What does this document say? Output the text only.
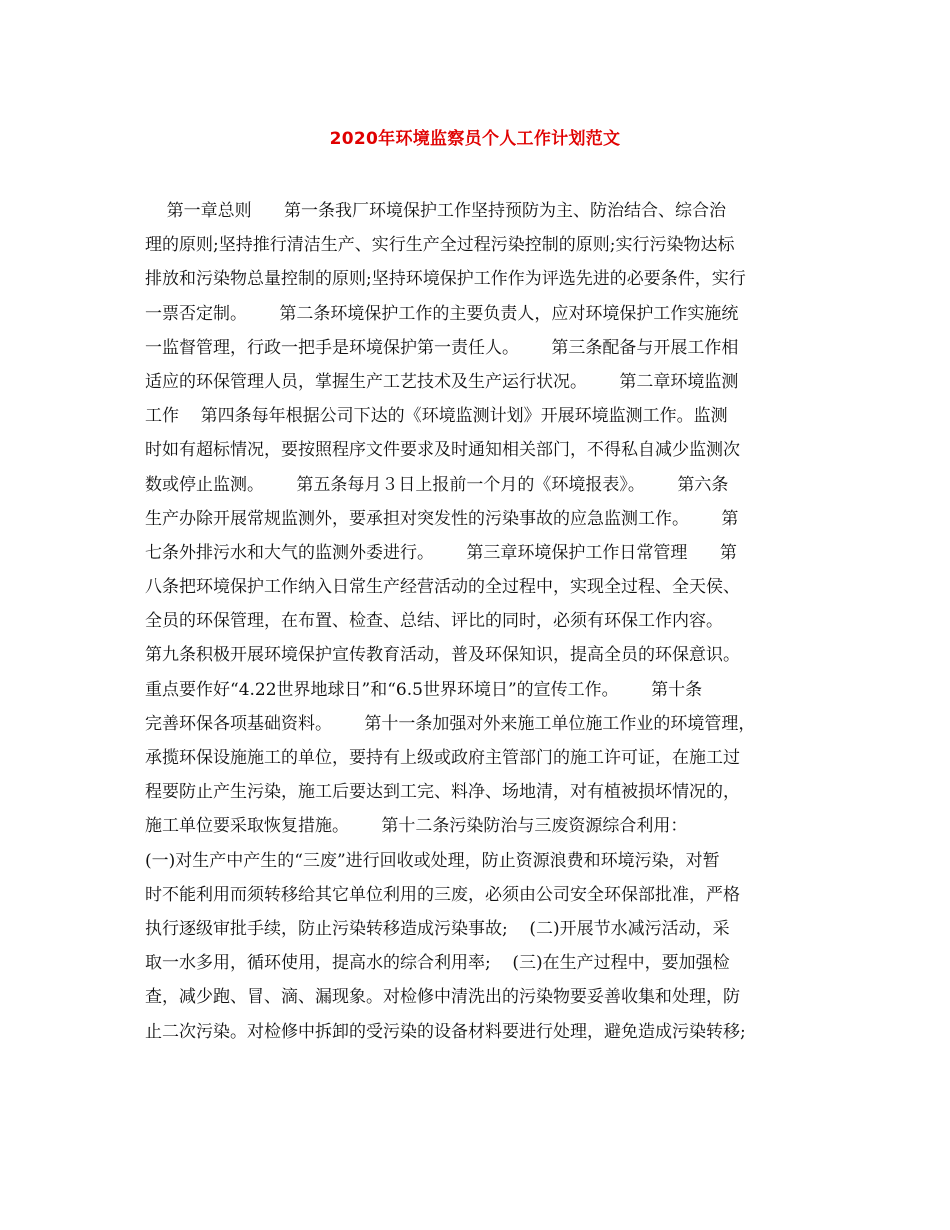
2020年环境监察员个人工作计划范文
第一章总则      第一条我厂环境保护工作坚持预防为主、防治结合、综合治
理的原则;坚持推行清洁生产、实行生产全过程污染控制的原则;实行污染物达标
排放和污染物总量控制的原则;坚持环境保护工作作为评选先进的必要条件，实行
一票否定制。      第二条环境保护工作的主要负责人，应对环境保护工作实施统
一监督管理，行政一把手是环境保护第一责任人。      第三条配备与开展工作相
适应的环保管理人员，掌握生产工艺技术及生产运行状况。      第二章环境监测
工作    第四条每年根据公司下达的《环境监测计划》开展环境监测工作。监测
时如有超标情况，要按照程序文件要求及时通知相关部门，不得私自减少监测次
数或停止监测。      第五条每月３日上报前一个月的《环境报表》。      第六条
生产办除开展常规监测外，要承担对突发性的污染事故的应急监测工作。      第
七条外排污水和大气的监测外委进行。      第三章环境保护工作日常管理      第
八条把环境保护工作纳入日常生产经营活动的全过程中，实现全过程、全天侯、
全员的环保管理，在布置、检查、总结、评比的同时，必须有环保工作内容。
第九条积极开展环境保护宣传教育活动，普及环保知识，提高全员的环保意识。
重点要作好“4.22世界地球日”和“6.5世界环境日”的宣传工作。      第十条
完善环保各项基础资料。      第十一条加强对外来施工单位施工作业的环境管理，
承揽环保设施施工的单位，要持有上级或政府主管部门的施工许可证，在施工过
程要防止产生污染，施工后要达到工完、料净、场地清，对有植被损坏情况的，
施工单位要采取恢复措施。      第十二条污染防治与三废资源综合利用：
(一)对生产中产生的“三废”进行回收或处理，防止资源浪费和环境污染，对暂
时不能利用而须转移给其它单位利用的三废，必须由公司安全环保部批准，严格
执行逐级审批手续，防止污染转移造成污染事故;    (二)开展节水减污活动，采
取一水多用，循环使用，提高水的综合利用率;    (三)在生产过程中，要加强检
查，减少跑、冒、滴、漏现象。对检修中清洗出的污染物要妥善收集和处理，防
止二次污染。对检修中拆卸的受污染的设备材料要进行处理，避免造成污染转移;
